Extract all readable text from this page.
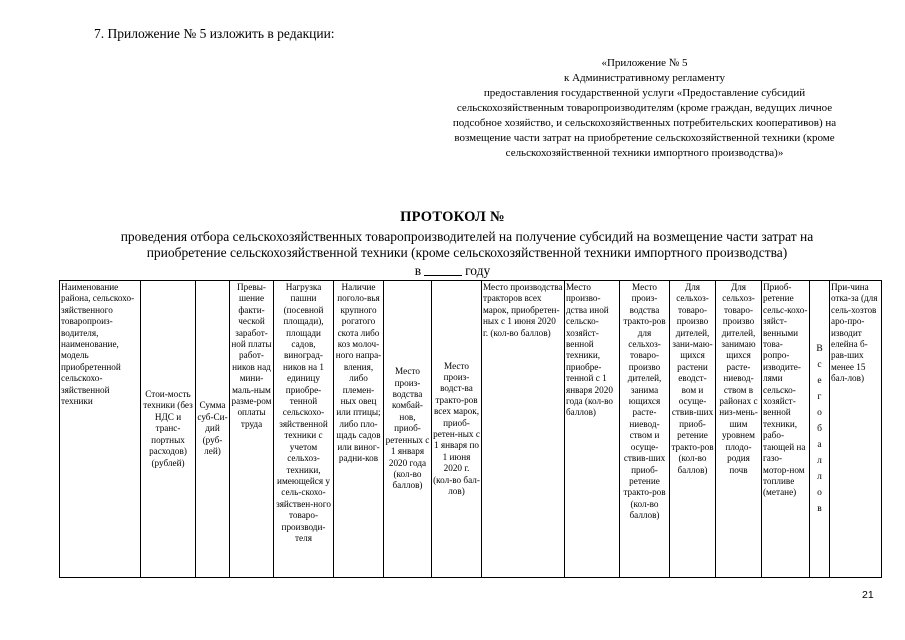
7. Приложение № 5 изложить в редакции:
«Приложение № 5
к Административному регламенту
предоставления государственной услуги «Предоставление субсидий
сельскохозяйственным товаропроизводителям (кроме граждан, ведущих личное
подсобное хозяйство, и сельскохозяйственных потребительских кооперативов) на
возмещение части затрат на приобретение сельскохозяйственной техники (кроме
сельскохозяйственной техники импортного производства)»
ПРОТОКОЛ №
проведения отбора сельскохозяйственных товаропроизводителей на получение субсидий на возмещение части затрат на
приобретение сельскохозяйственной техники (кроме сельскохозяйственной техники импортного производства)
в	году
Наименование района, сельскохо-зяйственного товаропроиз-водителя, наименование, модель приобретенной сельскохо-зяйственной техники	Стои-мость техники (без НДС и транс-портных расходов) (рублей)	Сумма суб-Си-дий (руб-лей)	Превы-шение факти-ческой заработ-ной платы работ-ников над мини-маль-ным разме-ром оплаты труда	Нагрузка пашни (посевной площади), площади садов, виноград-ников на 1 единицу приобре-тенной сельскохо-зяйственной техники с учетом сельхоз-техники, имеющейся у сель-скохо-зяйствен-ного товаро-производи-теля	Наличие поголо-вья крупного рогатого скота либо коз молоч-ного напра-вления, либо племен-ных овец или птицы; либо пло-щадь садов или виног-радни-ков	Место произ-водства комбай-нов, приоб-ретенных с 1 января 2020 года (кол-во баллов)	Место произ-водст-ва тракто-ров всех марок, приоб-ретен-ных с 1 января по 1 июня 2020 г. (кол-во бал-лов)	Место производства тракторов всех марок, приобретен-ных с 1 июня 2020 г. (кол-во баллов)	Место произво-дства иной сельско-хозяйст-венной техники, приобре-тенной с 1 января 2020 года (кол-во баллов)	Место произ-водства тракто-ров для сельхоз-товаро-произво дителей, занима ющихся расте-ниевод-ством и осуще-ствив-ших приоб-ретение тракто-ров (кол-во баллов)	Для сельхоз-товаро-произво дителей, зани-маю-щихся растени еводст-вом и осуще-ствив-ших приоб-ретение тракто-ров (кол-во баллов)	Для сельхоз-товаро-произво дителей, занимаю щихся расте-ниевод-ством в районах с низ-мень-шим уровнем плодо-родия почв	Приоб-ретение сельс-кохо-зяйст-венными това-ропро-изводите-лями сельско-хозяйст-венной техники, рабо-тающей на газо-мотор-ном топливе (метане)	Всего баллов	При-чина отка-за (для сель-хозтов аро-про-изводит елейна б-рав-ших менее 15 бал-лов)
21
